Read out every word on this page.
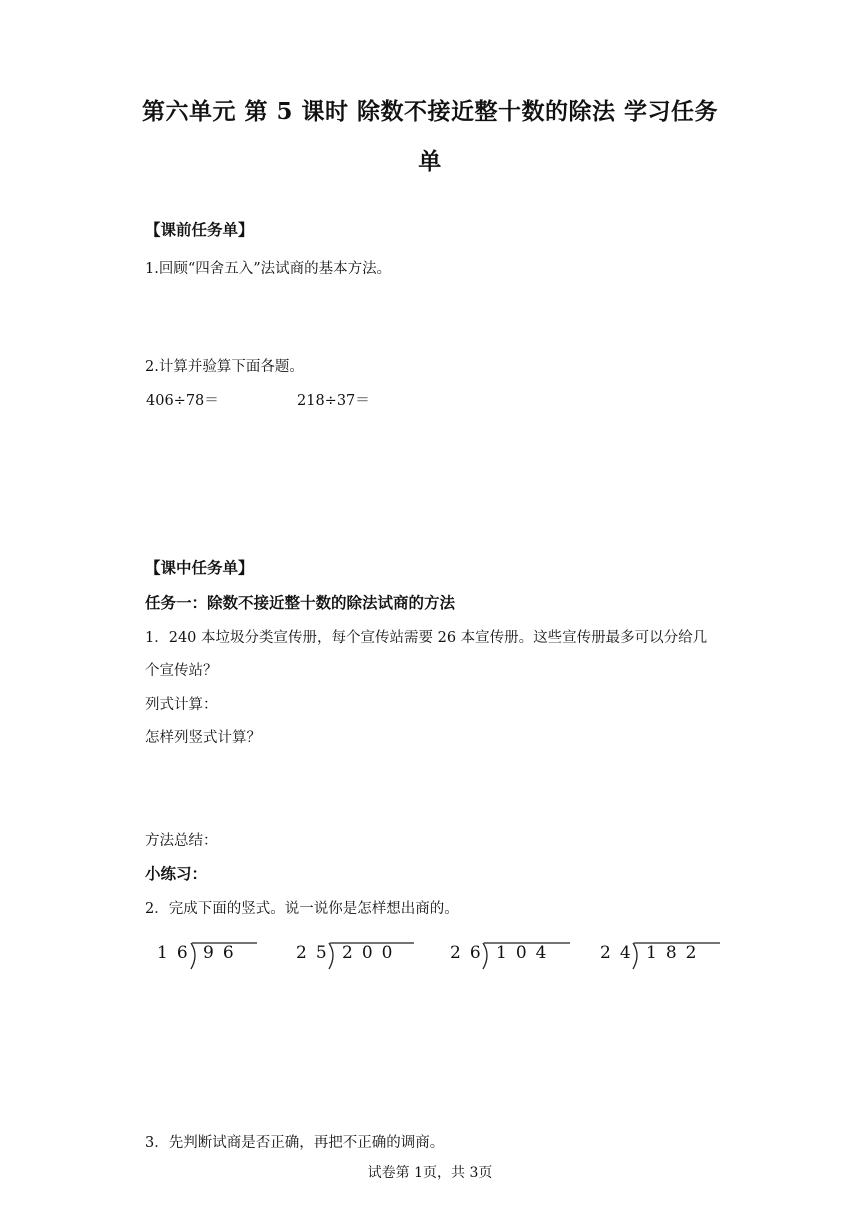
第六单元 第 5 课时 除数不接近整十数的除法 学习任务
单
【课前任务单】
1.回顾“四舍五入”法试商的基本方法。
2.计算并验算下面各题。
406÷78＝	218÷37＝
【课中任务单】
任务一：除数不接近整十数的除法试商的方法
1．240 本垃圾分类宣传册，每个宣传站需要 26 本宣传册。这些宣传册最多可以分给几
个宣传站？
列式计算：
怎样列竖式计算？
方法总结：
小练习：
2．完成下面的竖式。说一说你是怎样想出商的。
16 96	25 200	26 104	24 182
3．先判断试商是否正确，再把不正确的调商。
试卷第 1页，共 3页
